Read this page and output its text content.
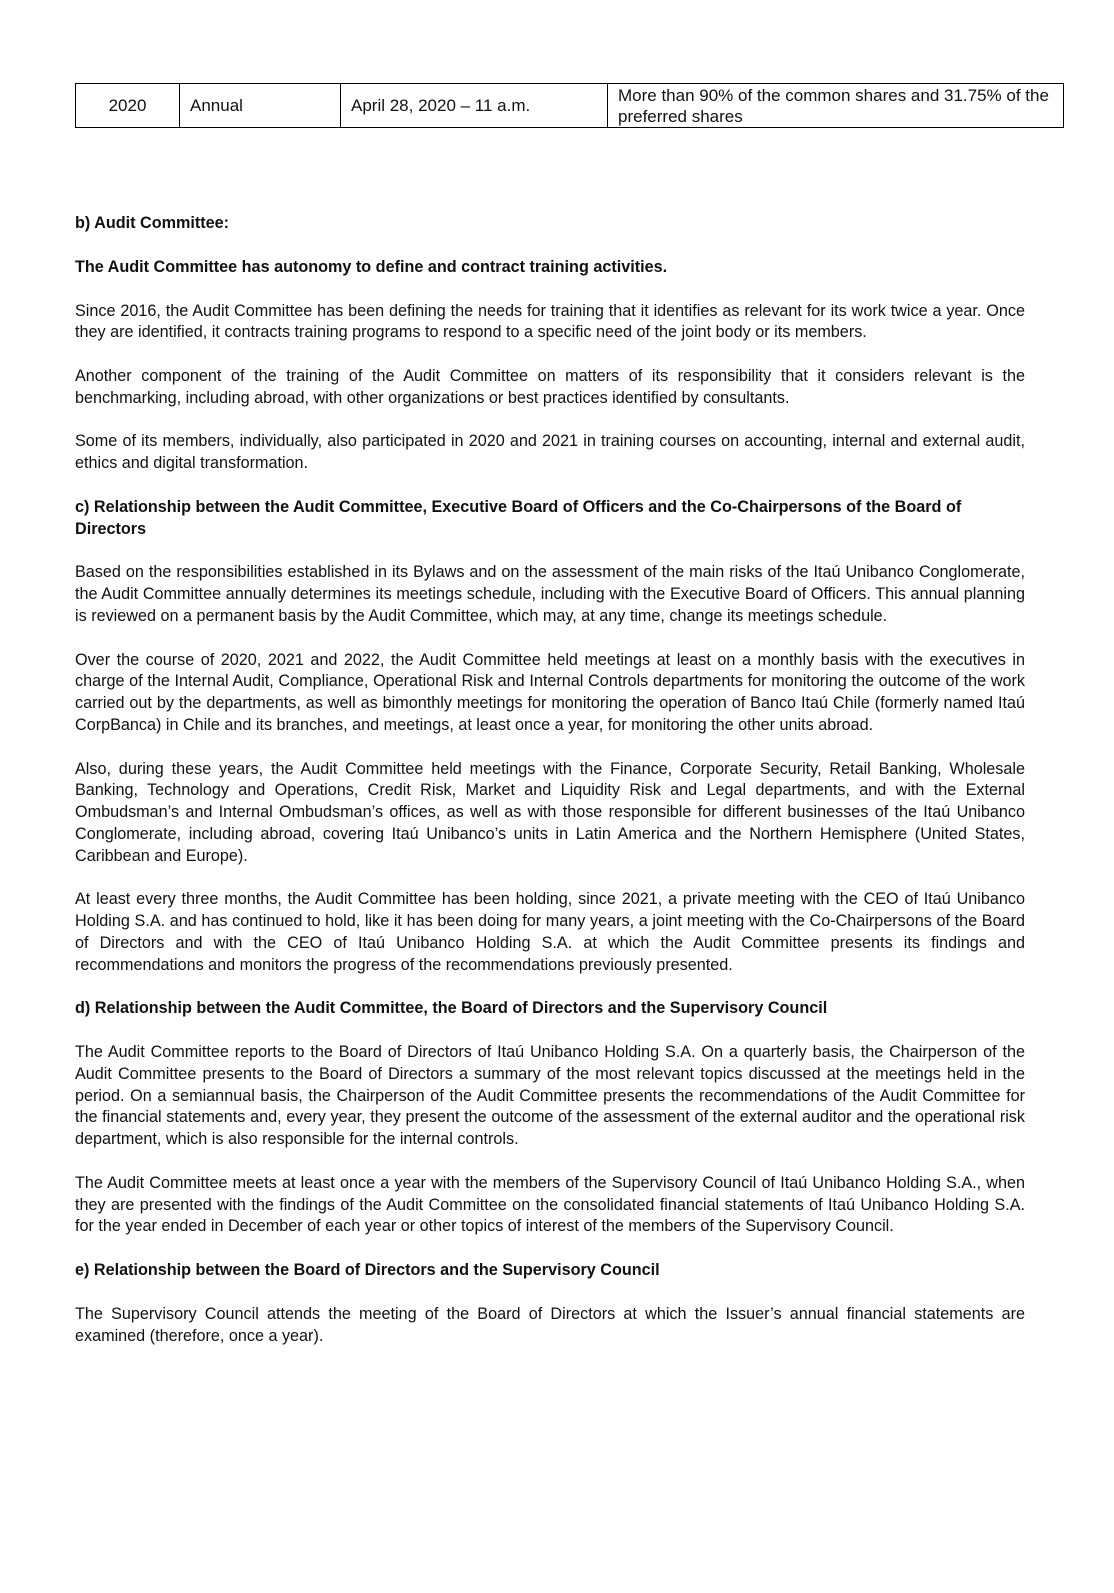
2020	Annual	April 28, 2020 – 11 a.m.	More than 90% of the common shares and 31.75% of the preferred shares
b) Audit Committee:

The Audit Committee has autonomy to define and contract training activities.

Since 2016, the Audit Committee has been defining the needs for training that it identifies as relevant for its work twice a year. Once they are identified, it contracts training programs to respond to a specific need of the joint body or its members.

Another component of the training of the Audit Committee on matters of its responsibility that it considers relevant is the benchmarking, including abroad, with other organizations or best practices identified by consultants.

Some of its members, individually, also participated in 2020 and 2021 in training courses on accounting, internal and external audit, ethics and digital transformation.

c) Relationship between the Audit Committee, Executive Board of Officers and the Co-Chairpersons of the Board of Directors

Based on the responsibilities established in its Bylaws and on the assessment of the main risks of the Itaú Unibanco Conglomerate, the Audit Committee annually determines its meetings schedule, including with the Executive Board of Officers. This annual planning is reviewed on a permanent basis by the Audit Committee, which may, at any time, change its meetings schedule.

Over the course of 2020, 2021 and 2022, the Audit Committee held meetings at least on a monthly basis with the executives in charge of the Internal Audit, Compliance, Operational Risk and Internal Controls departments for monitoring the outcome of the work carried out by the departments, as well as bimonthly meetings for monitoring the operation of Banco Itaú Chile (formerly named Itaú CorpBanca) in Chile and its branches, and meetings, at least once a year, for monitoring the other units abroad.

Also, during these years, the Audit Committee held meetings with the Finance, Corporate Security, Retail Banking, Wholesale Banking, Technology and Operations, Credit Risk, Market and Liquidity Risk and Legal departments, and with the External Ombudsman’s and Internal Ombudsman’s offices, as well as with those responsible for different businesses of the Itaú Unibanco Conglomerate, including abroad, covering Itaú Unibanco’s units in Latin America and the Northern Hemisphere (United States, Caribbean and Europe).

At least every three months, the Audit Committee has been holding, since 2021, a private meeting with the CEO of Itaú Unibanco Holding S.A. and has continued to hold, like it has been doing for many years, a joint meeting with the Co-Chairpersons of the Board of Directors and with the CEO of Itaú Unibanco Holding S.A. at which the Audit Committee presents its findings and recommendations and monitors the progress of the recommendations previously presented.

d) Relationship between the Audit Committee, the Board of Directors and the Supervisory Council

The Audit Committee reports to the Board of Directors of Itaú Unibanco Holding S.A. On a quarterly basis, the Chairperson of the Audit Committee presents to the Board of Directors a summary of the most relevant topics discussed at the meetings held in the period. On a semiannual basis, the Chairperson of the Audit Committee presents the recommendations of the Audit Committee for the financial statements and, every year, they present the outcome of the assessment of the external auditor and the operational risk department, which is also responsible for the internal controls.

The Audit Committee meets at least once a year with the members of the Supervisory Council of Itaú Unibanco Holding S.A., when they are presented with the findings of the Audit Committee on the consolidated financial statements of Itaú Unibanco Holding S.A. for the year ended in December of each year or other topics of interest of the members of the Supervisory Council.

e) Relationship between the Board of Directors and the Supervisory Council

The Supervisory Council attends the meeting of the Board of Directors at which the Issuer’s annual financial statements are examined (therefore, once a year).
